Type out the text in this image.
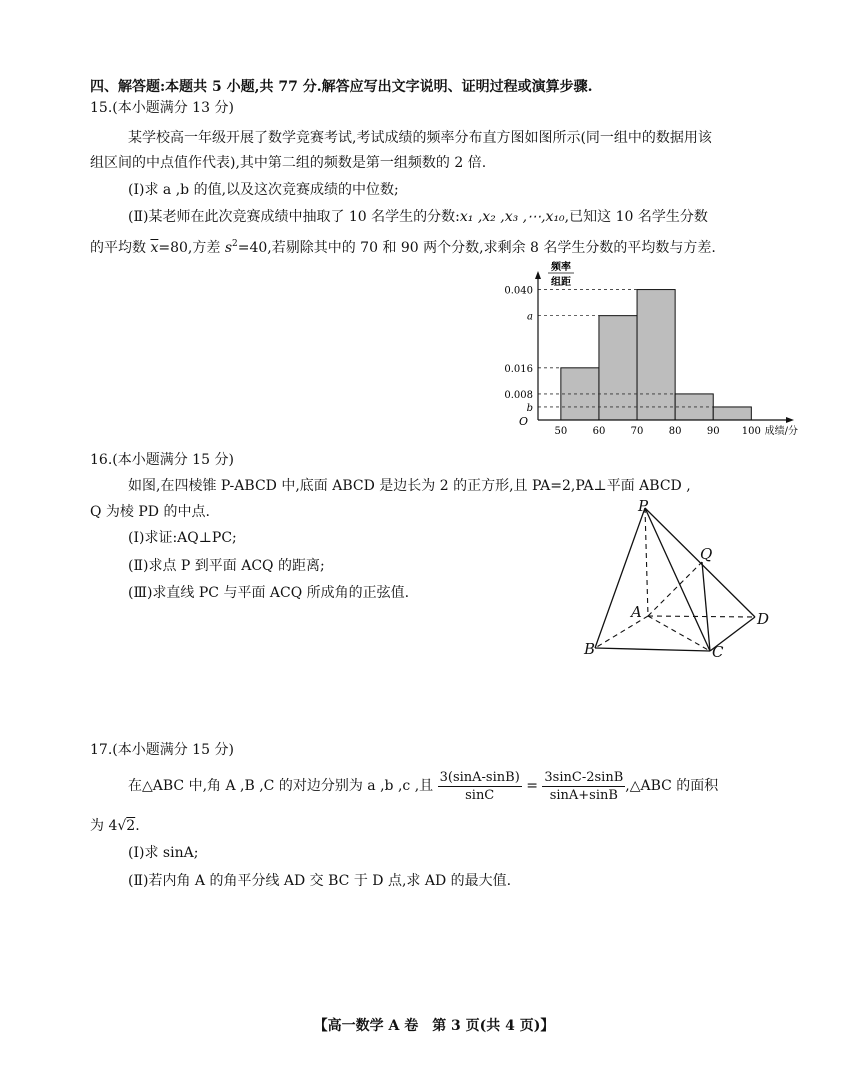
四、解答题:本题共 5 小题,共 77 分.解答应写出文字说明、证明过程或演算步骤.
15.(本小题满分 13 分)
某学校高一年级开展了数学竞赛考试,考试成绩的频率分布直方图如图所示(同一组中的数据用该
组区间的中点值作代表),其中第二组的频数是第一组频数的 2 倍.
(Ⅰ)求 a ,b 的值,以及这次竞赛成绩的中位数;
(Ⅱ)某老师在此次竞赛成绩中抽取了 10 名学生的分数:x₁ ,x₂ ,x₃ ,⋯,x₁₀,已知这 10 名学生分数
的平均数 $\overline{x}=80$,方差 $s^2=40$,若剔除其中的 70 和 90 两个分数,求剩余 8 名学生分数的平均数与方差.
0.040
a
0.016
0.008
b
50	60	70	80	90 100
O
成绩/分
频率
组距
16.(本小题满分 15 分)
如图,在四棱锥 P-ABCD 中,底面 ABCD 是边长为 2 的正方形,且 PA=2,PA⊥平面 ABCD ,
Q 为棱 PD 的中点.
(Ⅰ)求证:AQ⊥PC;
(Ⅱ)求点 P 到平面 ACQ 的距离;
(Ⅲ)求直线 PC 与平面 ACQ 所成角的正弦值.
P
Q
A
B	C
D
17.(本小题满分 15 分)
在△ABC 中,角 A ,B ,C 的对边分别为 a ,b ,c ,且 $\frac{3(\sin A-\sin B)}{\sin C} = \frac{3\sin C-2\sin B}{\sin A+\sin B}$ ,△ABC 的面积
为 4√2.
(Ⅰ)求 sinA;
(Ⅱ)若内角 A 的角平分线 AD 交 BC 于 D 点,求 AD 的最大值.
【高一数学 A 卷　第 3 页(共 4 页)】
